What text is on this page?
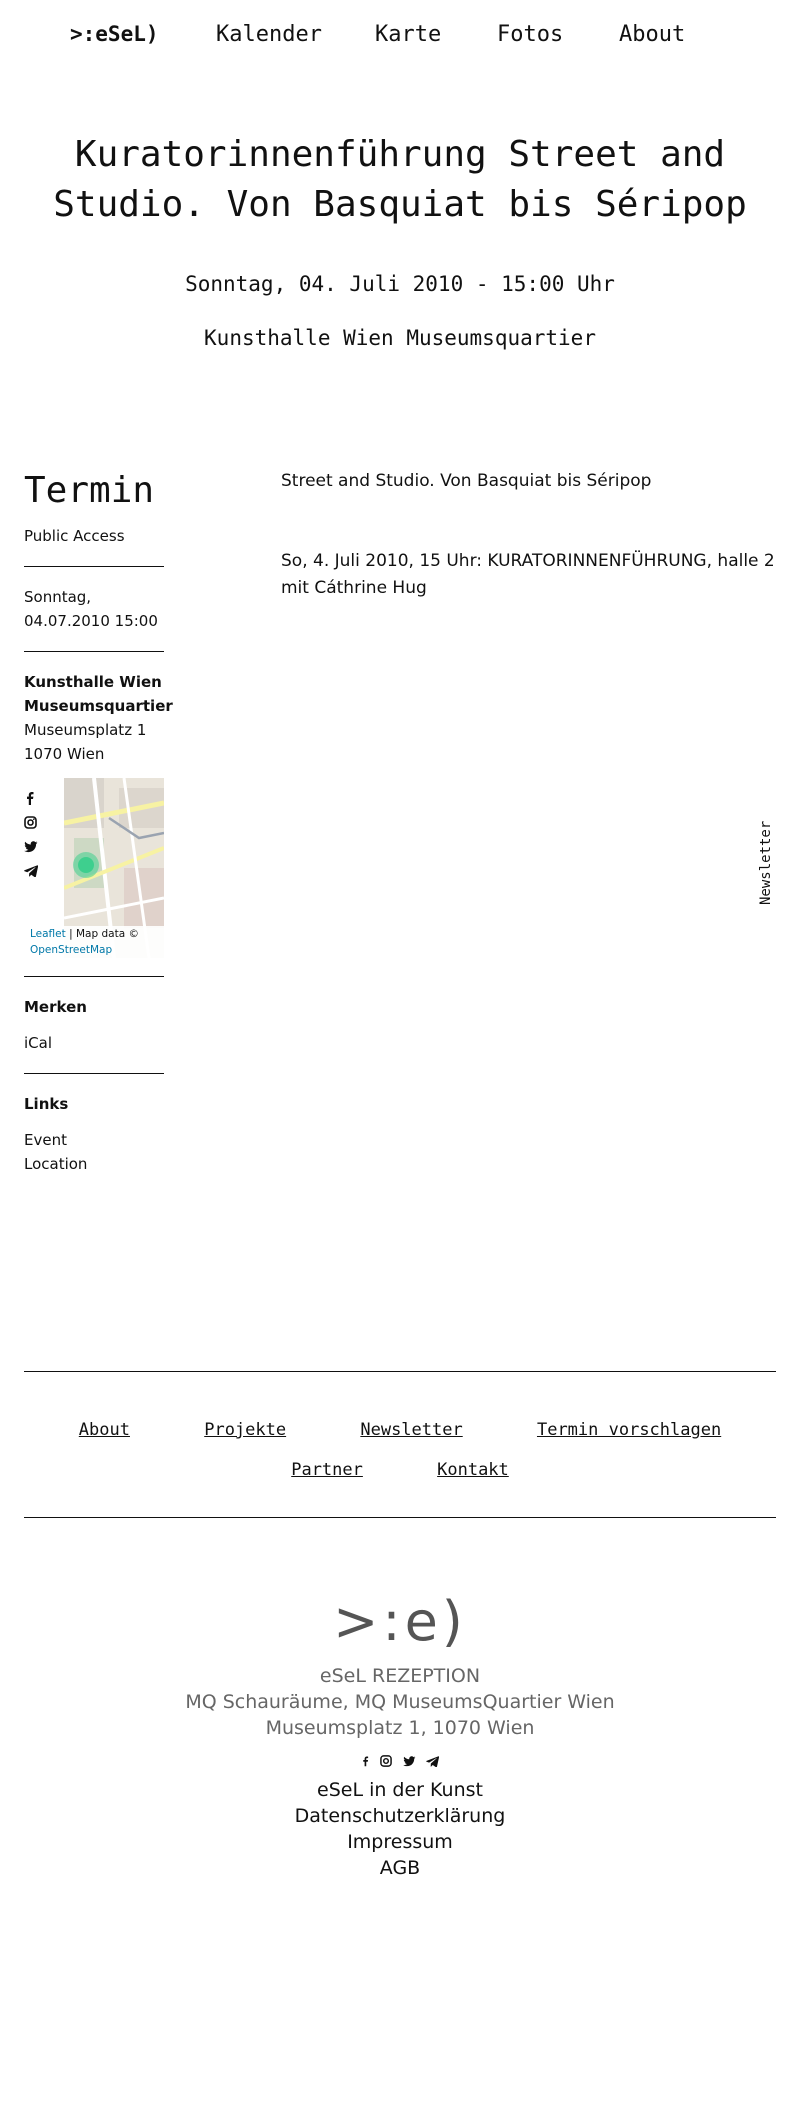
>:eSeL)	Kalender Karte	Fotos	About
Kuratorinnenführung Street and Studio. Von Basquiat bis Séripop
Sonntag, 04. Juli 2010 - 15:00 Uhr
Kunsthalle Wien Museumsquartier
Termin
Public Access
Sonntag,
04.07.2010 15:00
Kunsthalle Wien
Museumsquartier
Museumsplatz 1
1070 Wien
Leaflet | Map data ©
OpenStreetMap
Merken
iCal
Links
Event
Location

Street and Studio. Von Basquiat bis Séripop

So, 4. Juli 2010, 15 Uhr: KURATORINNENFÜHRUNG, halle 2 mit Cáthrine Hug

Newsletter
About	Projekte	Newsletter	Termin vorschlagen
Partner	Kontakt
>:e)
eSeL REZEPTION
MQ Schauräume, MQ MuseumsQuartier Wien
Museumsplatz 1, 1070 Wien

eSeL in der Kunst
Datenschutzerklärung
Impressum
AGB
